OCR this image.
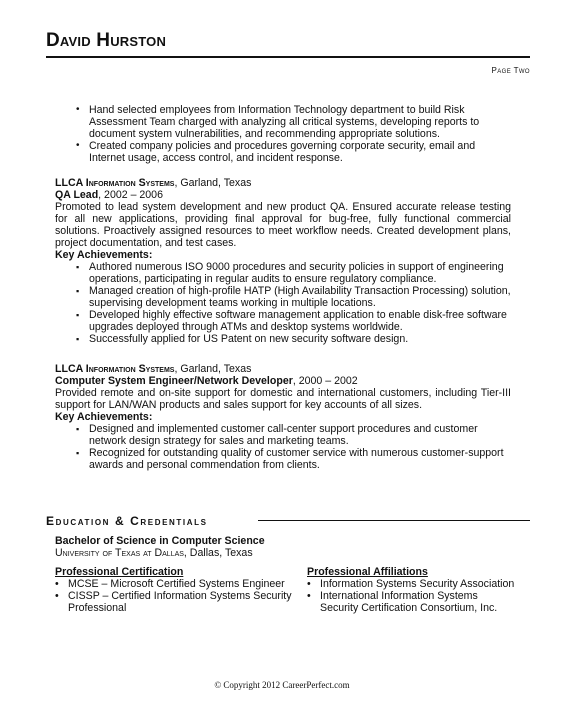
David Hurston
Page Two
• Hand selected employees from Information Technology department to build Risk Assessment Team charged with analyzing all critical systems, developing reports to document system vulnerabilities, and recommending appropriate solutions.
• Created company policies and procedures governing corporate security, email and Internet usage, access control, and incident response.
LLCA Information Systems, Garland, Texas
QA Lead, 2002 – 2006
Promoted to lead system development and new product QA. Ensured accurate release testing for all new applications, providing final approval for bug-free, fully functional commercial solutions. Proactively assigned resources to meet workflow needs. Created development plans, project documentation, and test cases.
Key Achievements:
▪ Authored numerous ISO 9000 procedures and security policies in support of engineering operations, participating in regular audits to ensure regulatory compliance.
▪ Managed creation of high-profile HATP (High Availability Transaction Processing) solution, supervising development teams working in multiple locations.
▪ Developed highly effective software management application to enable disk-free software upgrades deployed through ATMs and desktop systems worldwide.
▪ Successfully applied for US Patent on new security software design.
LLCA Information Systems, Garland, Texas
Computer System Engineer/Network Developer, 2000 – 2002
Provided remote and on-site support for domestic and international customers, including Tier-III support for LAN/WAN products and sales support for key accounts of all sizes.
Key Achievements:
▪ Designed and implemented customer call-center support procedures and customer network design strategy for sales and marketing teams.
▪ Recognized for outstanding quality of customer service with numerous customer-support awards and personal commendation from clients.
Education & Credentials
Bachelor of Science in Computer Science
University of Texas at Dallas, Dallas, Texas
Professional Certification
• MCSE – Microsoft Certified Systems Engineer
• CISSP – Certified Information Systems Security Professional
Professional Affiliations
• Information Systems Security Association
• International Information Systems Security Certification Consortium, Inc.
© Copyright 2012 CareerPerfect.com
